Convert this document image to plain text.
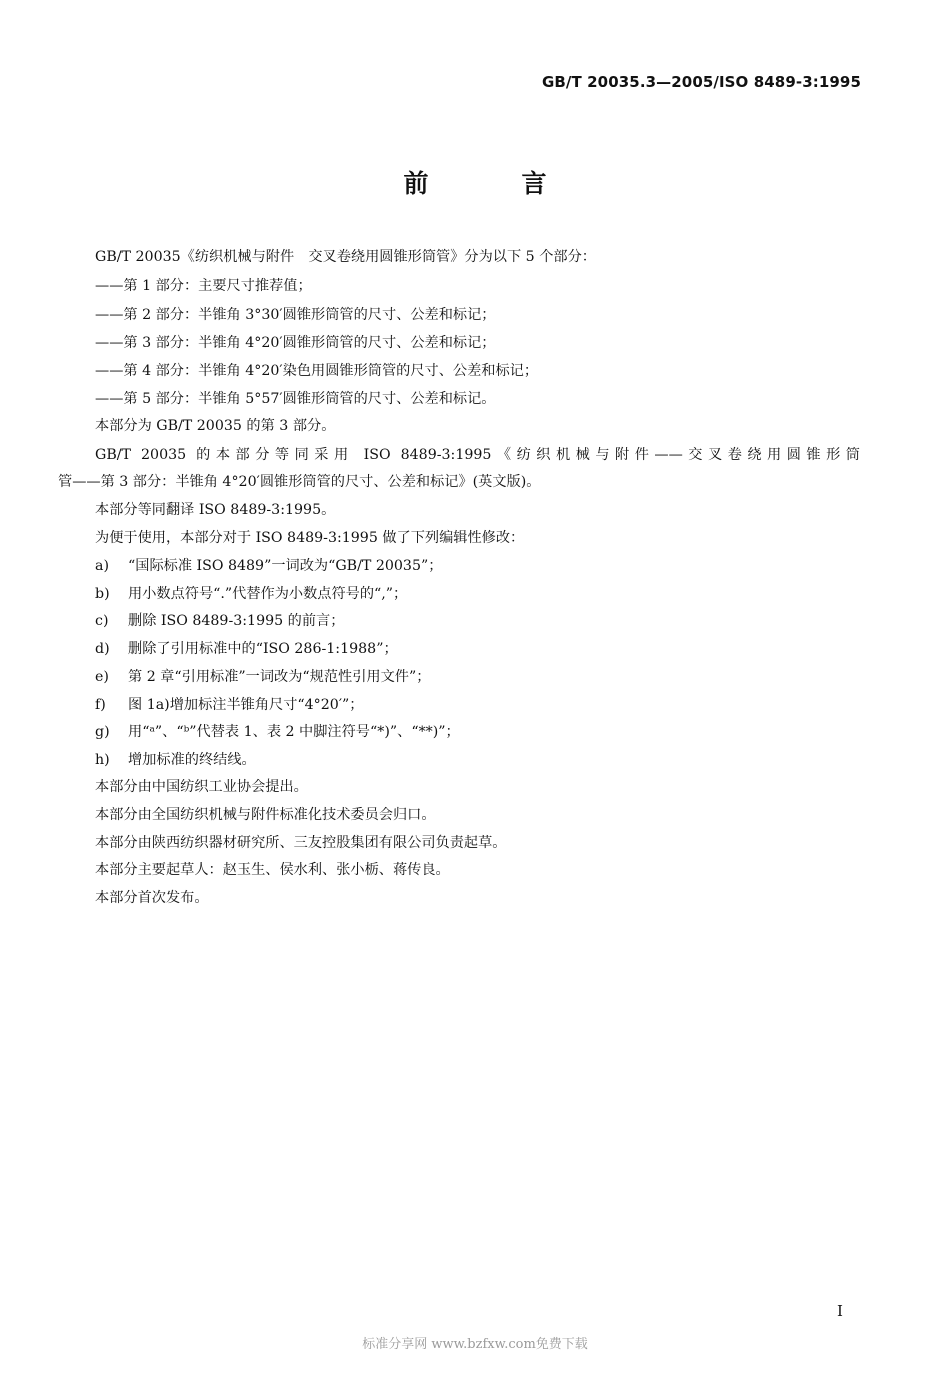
GB/T 20035.3—2005/ISO 8489-3:1995
前　言
GB/T 20035《纺织机械与附件　交叉卷绕用圆锥形筒管》分为以下 5 个部分：
——第 1 部分：主要尺寸推荐值；
——第 2 部分：半锥角 3°30′圆锥形筒管的尺寸、公差和标记；
——第 3 部分：半锥角 4°20′圆锥形筒管的尺寸、公差和标记；
——第 4 部分：半锥角 4°20′染色用圆锥形筒管的尺寸、公差和标记；
——第 5 部分：半锥角 5°57′圆锥形筒管的尺寸、公差和标记。
本部分为 GB/T 20035 的第 3 部分。
GB/T 20035 的本部分等同采用 ISO 8489-3:1995《纺织机械与附件——交叉卷绕用圆锥形筒
管——第 3 部分：半锥角 4°20′圆锥形筒管的尺寸、公差和标记》(英文版)。
本部分等同翻译 ISO 8489-3:1995。
为便于使用，本部分对于 ISO 8489-3:1995 做了下列编辑性修改：
a) “国际标准 ISO 8489”一词改为“GB/T 20035”；
b) 用小数点符号“.”代替作为小数点符号的“,”；
c) 删除 ISO 8489-3:1995 的前言；
d) 删除了引用标准中的“ISO 286-1:1988”；
e) 第 2 章“引用标准”一词改为“规范性引用文件”；
f) 图 1a)增加标注半锥角尺寸“4°20′”；
g) 用“ᵃ”、“ᵇ”代替表 1、表 2 中脚注符号“*)”、“**)”；
h) 增加标准的终结线。
本部分由中国纺织工业协会提出。
本部分由全国纺织机械与附件标准化技术委员会归口。
本部分由陕西纺织器材研究所、三友控股集团有限公司负责起草。
本部分主要起草人：赵玉生、侯水利、张小栃、蒋传良。
本部分首次发布。
I
标准分享网 www.bzfxw.com免费下载
